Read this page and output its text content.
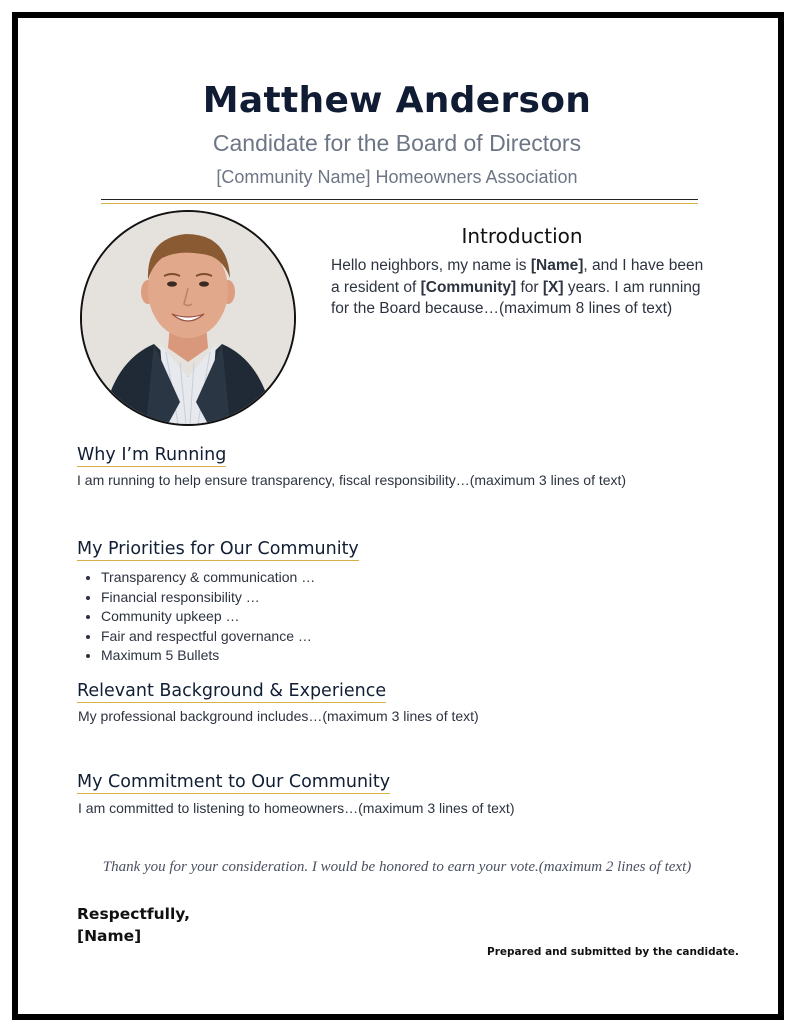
Matthew Anderson
Candidate for the Board of Directors
[Community Name] Homeowners Association
Introduction
Hello neighbors, my name is [Name], and I have been a resident of [Community] for [X] years. I am running for the Board because…(maximum 8 lines of text)
Why I’m Running
I am running to help ensure transparency, fiscal responsibility…(maximum 3 lines of text)
My Priorities for Our Community
• Transparency & communication …
• Financial responsibility …
• Community upkeep …
• Fair and respectful governance …
• Maximum 5 Bullets
Relevant Background & Experience
My professional background includes…(maximum 3 lines of text)
My Commitment to Our Community
I am committed to listening to homeowners…(maximum 3 lines of text)
Thank you for your consideration. I would be honored to earn your vote.(maximum 2 lines of text)
Respectfully,
[Name]
Prepared and submitted by the candidate.
